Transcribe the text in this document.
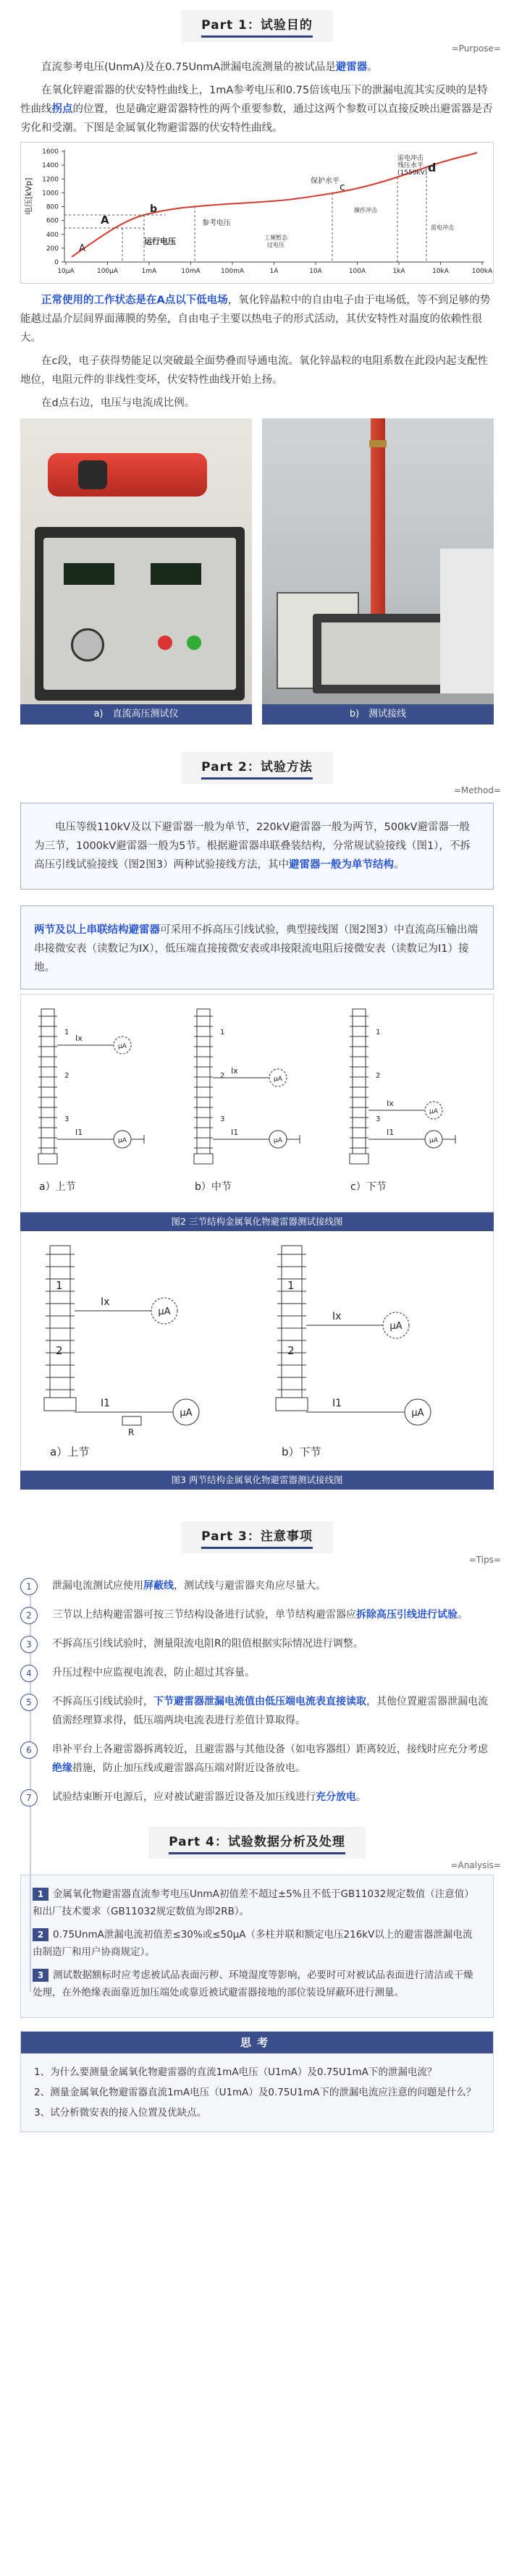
Part 1：试验目的
=Purpose=

直流参考电压(UnmA)及在0.75UnmA泄漏电流测量的被试品是避雷器。

在氧化锌避雷器的伏安特性曲线上，1mA参考电压和0.75倍该电压下的泄漏电流其实反映的是特性曲线拐点的位置，也是确定避雷器特性的两个重要参数，通过这两个参数可以直接反映出避雷器是否劣化和受潮。下图是金属氧化物避雷器的伏安特性曲线。

1600
1400
1200
1000
800
600
400
200
0
10μA	100μA	1mA	10mA	100mA	1A	10A	100A	1kA	10kA	100kA
电压[kVp]
A
A
b
c
d
参考电压
运行电压
保护水平
雷电冲击
残压水平
(1550kV)
工频暂态
过电压
操作冲击
雷电冲击

正常使用的工作状态是在A点以下低电场，氧化锌晶粒中的自由电子由于电场低，等不到足够的势能越过晶介层间界面薄膜的势垒，自由电子主要以热电子的形式活动，其伏安特性对温度的依赖性很大。

在c段，电子获得势能足以突破最全面势叠而导通电流。氧化锌晶粒的电阻系数在此段内起支配性地位，电阻元件的非线性变坏，伏安特性曲线开始上扬。

在d点右边，电压与电流成比例。

a)　直流高压测试仪	b)　测试接线
Part 2：试验方法
=Method=

电压等级110kV及以下避雷器一般为单节，220kV避雷器一般为两节，500kV避雷器一般为三节，1000kV避雷器一般为5节。根据避雷器串联叠装结构，分常规试验接线（图1），不拆高压引线试验接线（图2图3）两种试验接线方法，其中避雷器一般为单节结构。

两节及以上串联结构避雷器可采用不拆高压引线试验，典型接线图（图2图3）中直流高压输出端串接微安表（读数记为IX），低压端直接接微安表或串接限流电阻后接微安表（读数记为I1）接地。

μA
Ix
μA
I1
1
2
3
a）上节
μA
Ix
μA
I1
1
2
3
b）中节
μA
Ix
μA
I1
1
2
3
c）下节
图2 三节结构金属氧化物避雷器测试接线图
μA
Ix
μA
I1
R
1
2
a）上节
μA
Ix
μA
I1
1
2
b）下节
图3 两节结构金属氧化物避雷器测试接线图
Part 3：注意事项
=Tips=
1	泄漏电流测试应使用屏蔽线，测试线与避雷器夹角应尽量大。
2	三节以上结构避雷器可按三节结构设备进行试验，单节结构避雷器应拆除高压引线进行试验。
3	不拆高压引线试验时，测量限流电阻R的阻值根据实际情况进行调整。
4	升压过程中应监视电流表，防止超过其容量。
5	不拆高压引线试验时，下节避雷器泄漏电流值由低压端电流表直接读取，其他位置避雷器泄漏电流值需经理算求得，低压端两块电流表进行差值计算取得。
6	串补平台上各避雷器拆离较近，且避雷器与其他设备（如电容器组）距离较近，接线时应充分考虑绝缘措施，防止加压线或避雷器高压端对附近设备放电。
7	试验结束断开电源后，应对被试避雷器近设备及加压线进行充分放电。
Part 4：试验数据分析及处理
=Analysis=
1 金属氧化物避雷器直流参考电压UnmA初值差不超过±5%且不低于GB11032规定数值（注意值）和出厂技术要求（GB11032规定数值为即2RB）。
2 0.75UnmA泄漏电流初值差≤30%或≤50μA（多柱并联和额定电压216kV以上的避雷器泄漏电流由制造厂和用户协商规定）。
3 测试数据额标时应考虑被试品表面污秽、环境湿度等影响，必要时可对被试品表面进行清洁或干燥处理，在外绝缘表面靠近加压端处或靠近被试避雷器接地的部位装设屏蔽环进行测量。
思考
1、为什么要测量金属氧化物避雷器的直流1mA电压（U1mA）及0.75U1mA下的泄漏电流？
2、测量金属氧化物避雷器直流1mA电压（U1mA）及0.75U1mA下的泄漏电流应注意的问题是什么？
3、试分析微安表的接入位置及优缺点。
